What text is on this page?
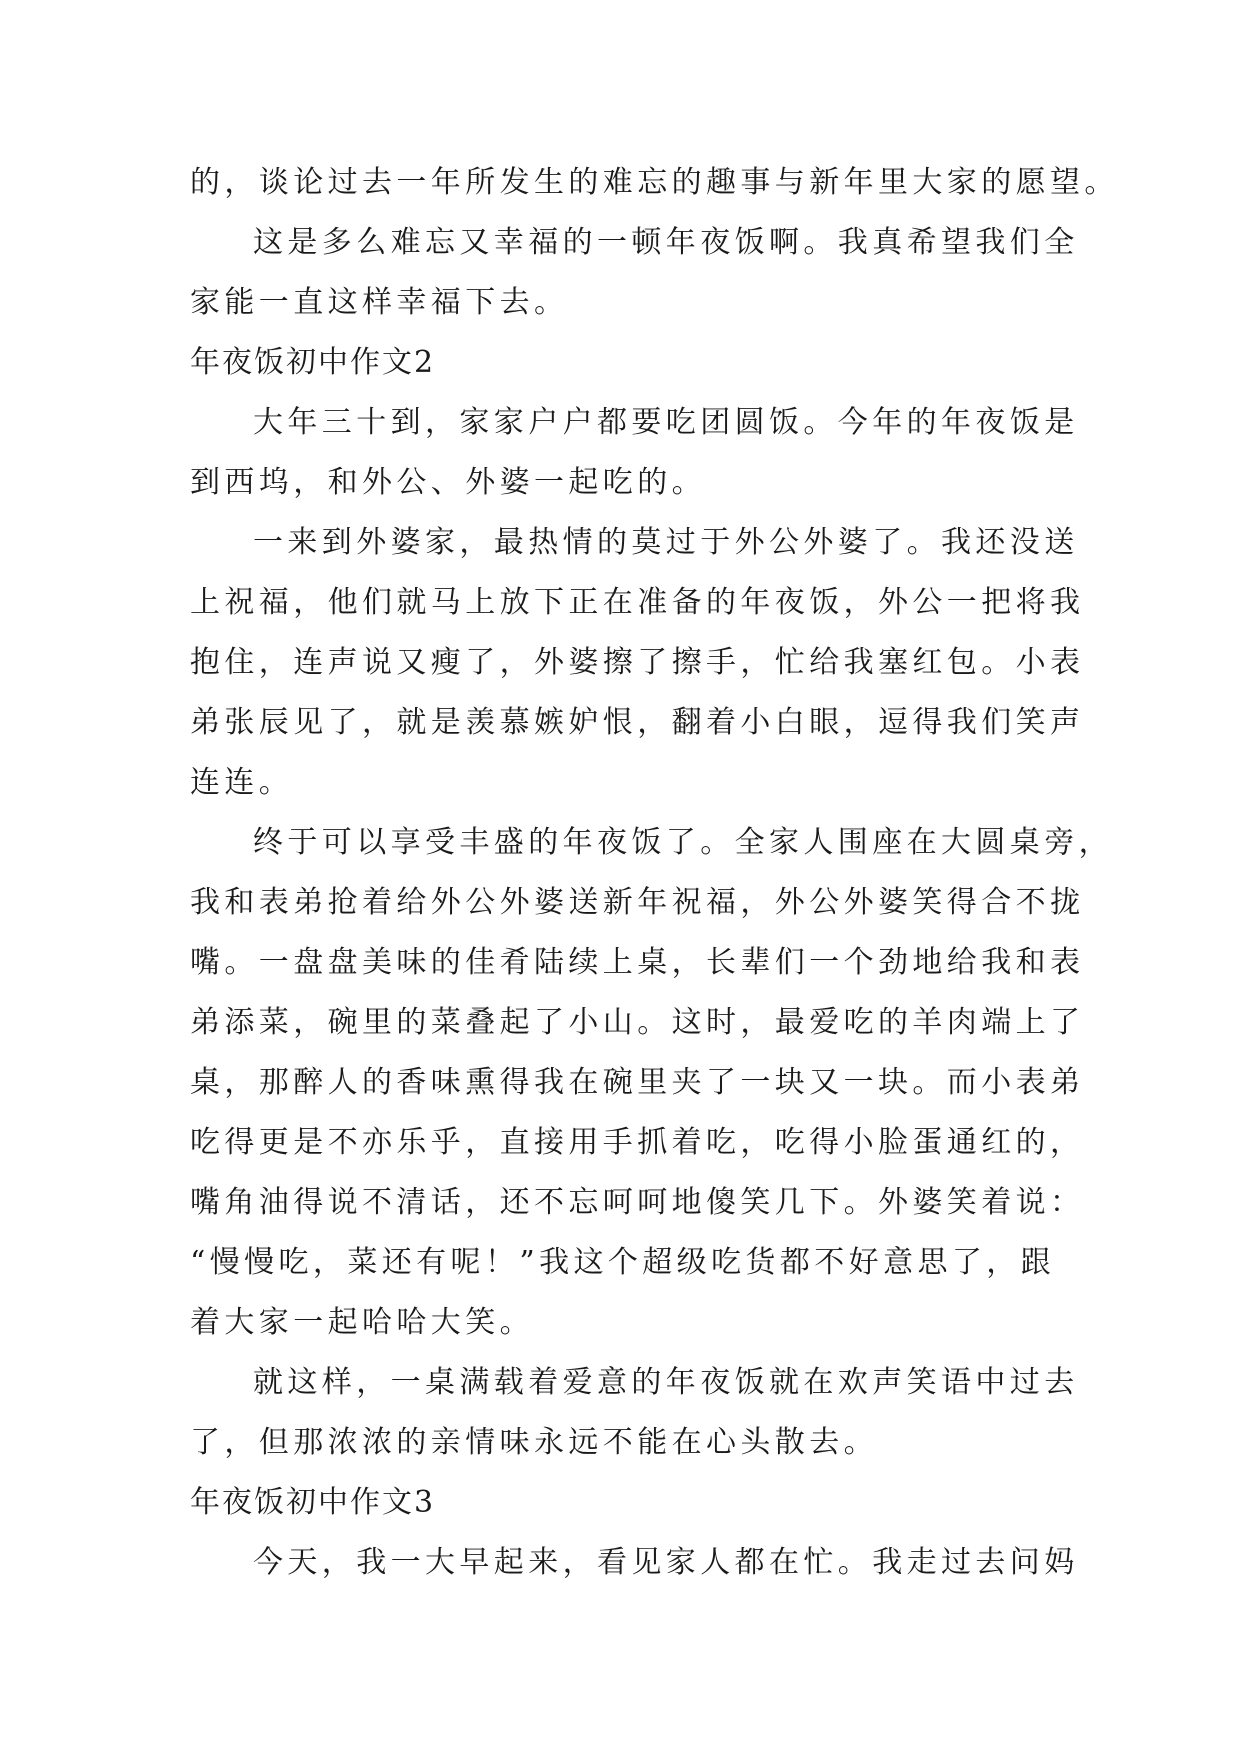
的，谈论过去一年所发生的难忘的趣事与新年里大家的愿望。
这是多么难忘又幸福的一顿年夜饭啊。我真希望我们全
家能一直这样幸福下去。
年夜饭初中作文2
大年三十到，家家户户都要吃团圆饭。今年的年夜饭是
到西坞，和外公、外婆一起吃的。
一来到外婆家，最热情的莫过于外公外婆了。我还没送
上祝福，他们就马上放下正在准备的年夜饭，外公一把将我
抱住，连声说又瘦了，外婆擦了擦手，忙给我塞红包。小表
弟张辰见了，就是羡慕嫉妒恨，翻着小白眼，逗得我们笑声
连连。
终于可以享受丰盛的年夜饭了。全家人围座在大圆桌旁，
我和表弟抢着给外公外婆送新年祝福，外公外婆笑得合不拢
嘴。一盘盘美味的佳肴陆续上桌，长辈们一个劲地给我和表
弟添菜，碗里的菜叠起了小山。这时，最爱吃的羊肉端上了
桌，那醉人的香味熏得我在碗里夹了一块又一块。而小表弟
吃得更是不亦乐乎，直接用手抓着吃，吃得小脸蛋通红的，
嘴角油得说不清话，还不忘呵呵地傻笑几下。外婆笑着说：
“慢慢吃，菜还有呢！”我这个超级吃货都不好意思了，跟
着大家一起哈哈大笑。
就这样，一桌满载着爱意的年夜饭就在欢声笑语中过去
了，但那浓浓的亲情味永远不能在心头散去。
年夜饭初中作文3
今天，我一大早起来，看见家人都在忙。我走过去问妈
